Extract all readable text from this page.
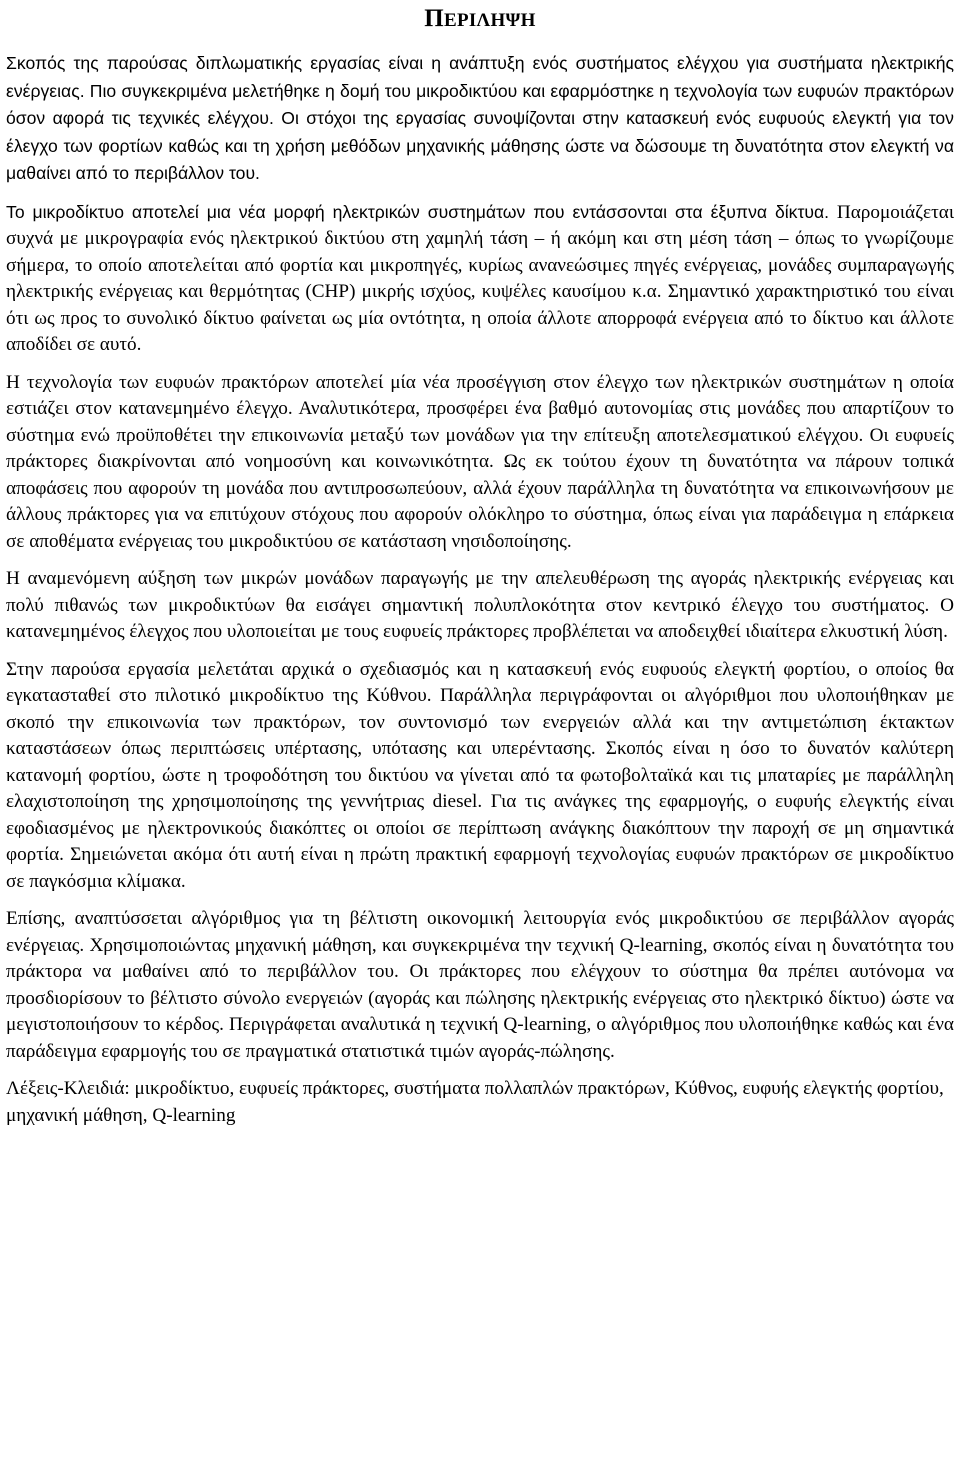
ΠΕΡΙΛΗΨΗ

Σκοπός της παρούσας διπλωματικής εργασίας είναι η ανάπτυξη ενός συστήματος ελέγχου για συστήματα ηλεκτρικής ενέργειας. Πιο συγκεκριμένα μελετήθηκε η δομή του μικροδικτύου και εφαρμόστηκε η τεχνολογία των ευφυών πρακτόρων όσον αφορά τις τεχνικές ελέγχου. Οι στόχοι της εργασίας συνοψίζονται στην κατασκευή ενός ευφυούς ελεγκτή για τον έλεγχο των φορτίων καθώς και τη χρήση μεθόδων μηχανικής μάθησης ώστε να δώσουμε τη δυνατότητα στον ελεγκτή να μαθαίνει από το περιβάλλον του.

Το μικροδίκτυο αποτελεί μια νέα μορφή ηλεκτρικών συστημάτων που εντάσσονται στα έξυπνα δίκτυα. Παρομοιάζεται συχνά με μικρογραφία ενός ηλεκτρικού δικτύου στη χαμηλή τάση – ή ακόμη και στη μέση τάση – όπως το γνωρίζουμε σήμερα, το οποίο αποτελείται από φορτία και μικροπηγές, κυρίως ανανεώσιμες πηγές ενέργειας, μονάδες συμπαραγωγής ηλεκτρικής ενέργειας και θερμότητας (CHP) μικρής ισχύος, κυψέλες καυσίμου κ.α. Σημαντικό χαρακτηριστικό του είναι ότι ως προς το συνολικό δίκτυο φαίνεται ως μία οντότητα, η οποία άλλοτε απορροφά ενέργεια από το δίκτυο και άλλοτε αποδίδει σε αυτό.

Η τεχνολογία των ευφυών πρακτόρων αποτελεί μία νέα προσέγγιση στον έλεγχο των ηλεκτρικών συστημάτων η οποία εστιάζει στον κατανεμημένο έλεγχο. Αναλυτικότερα, προσφέρει ένα βαθμό αυτονομίας στις μονάδες που απαρτίζουν το σύστημα ενώ προϋποθέτει την επικοινωνία μεταξύ των μονάδων για την επίτευξη αποτελεσματικού ελέγχου. Οι ευφυείς πράκτορες διακρίνονται από νοημοσύνη και κοινωνικότητα. Ως εκ τούτου έχουν τη δυνατότητα να πάρουν τοπικά αποφάσεις που αφορούν τη μονάδα που αντιπροσωπεύουν, αλλά έχουν παράλληλα τη δυνατότητα να επικοινωνήσουν με άλλους πράκτορες για να επιτύχουν στόχους που αφορούν ολόκληρο το σύστημα, όπως είναι για παράδειγμα η επάρκεια σε αποθέματα ενέργειας του μικροδικτύου σε κατάσταση νησιδοποίησης.

Η αναμενόμενη αύξηση των μικρών μονάδων παραγωγής με την απελευθέρωση της αγοράς ηλεκτρικής ενέργειας και πολύ πιθανώς των μικροδικτύων θα εισάγει σημαντική πολυπλοκότητα στον κεντρικό έλεγχο του συστήματος. Ο κατανεμημένος έλεγχος που υλοποιείται με τους ευφυείς πράκτορες προβλέπεται να αποδειχθεί ιδιαίτερα ελκυστική λύση.

Στην παρούσα εργασία μελετάται αρχικά ο σχεδιασμός και η κατασκευή ενός ευφυούς ελεγκτή φορτίου, ο οποίος θα εγκατασταθεί στο πιλοτικό μικροδίκτυο της Κύθνου. Παράλληλα περιγράφονται οι αλγόριθμοι που υλοποιήθηκαν με σκοπό την επικοινωνία των πρακτόρων, τον συντονισμό των ενεργειών αλλά και την αντιμετώπιση έκτακτων καταστάσεων όπως περιπτώσεις υπέρτασης, υπότασης και υπερέντασης. Σκοπός είναι η όσο το δυνατόν καλύτερη κατανομή φορτίου, ώστε η τροφοδότηση του δικτύου να γίνεται από τα φωτοβολταϊκά και τις μπαταρίες με παράλληλη ελαχιστοποίηση της χρησιμοποίησης της γεννήτριας diesel. Για τις ανάγκες της εφαρμογής, ο ευφυής ελεγκτής είναι εφοδιασμένος με ηλεκτρονικούς διακόπτες οι οποίοι σε περίπτωση ανάγκης διακόπτουν την παροχή σε μη σημαντικά φορτία. Σημειώνεται ακόμα ότι αυτή είναι η πρώτη πρακτική εφαρμογή τεχνολογίας ευφυών πρακτόρων σε μικροδίκτυο σε παγκόσμια κλίμακα.

Επίσης, αναπτύσσεται αλγόριθμος για τη βέλτιστη οικονομική λειτουργία ενός μικροδικτύου σε περιβάλλον αγοράς ενέργειας. Χρησιμοποιώντας μηχανική μάθηση, και συγκεκριμένα την τεχνική Q-learning, σκοπός είναι η δυνατότητα του πράκτορα να μαθαίνει από το περιβάλλον του. Οι πράκτορες που ελέγχουν το σύστημα θα πρέπει αυτόνομα να προσδιορίσουν το βέλτιστο σύνολο ενεργειών (αγοράς και πώλησης ηλεκτρικής ενέργειας στο ηλεκτρικό δίκτυο) ώστε να μεγιστοποιήσουν το κέρδος. Περιγράφεται αναλυτικά η τεχνική Q-learning, ο αλγόριθμος που υλοποιήθηκε καθώς και ένα παράδειγμα εφαρμογής του σε πραγματικά στατιστικά τιμών αγοράς-πώλησης.

Λέξεις-Κλειδιά: μικροδίκτυο, ευφυείς πράκτορες, συστήματα πολλαπλών πρακτόρων, Κύθνος, ευφυής ελεγκτής φορτίου, μηχανική μάθηση, Q-learning
